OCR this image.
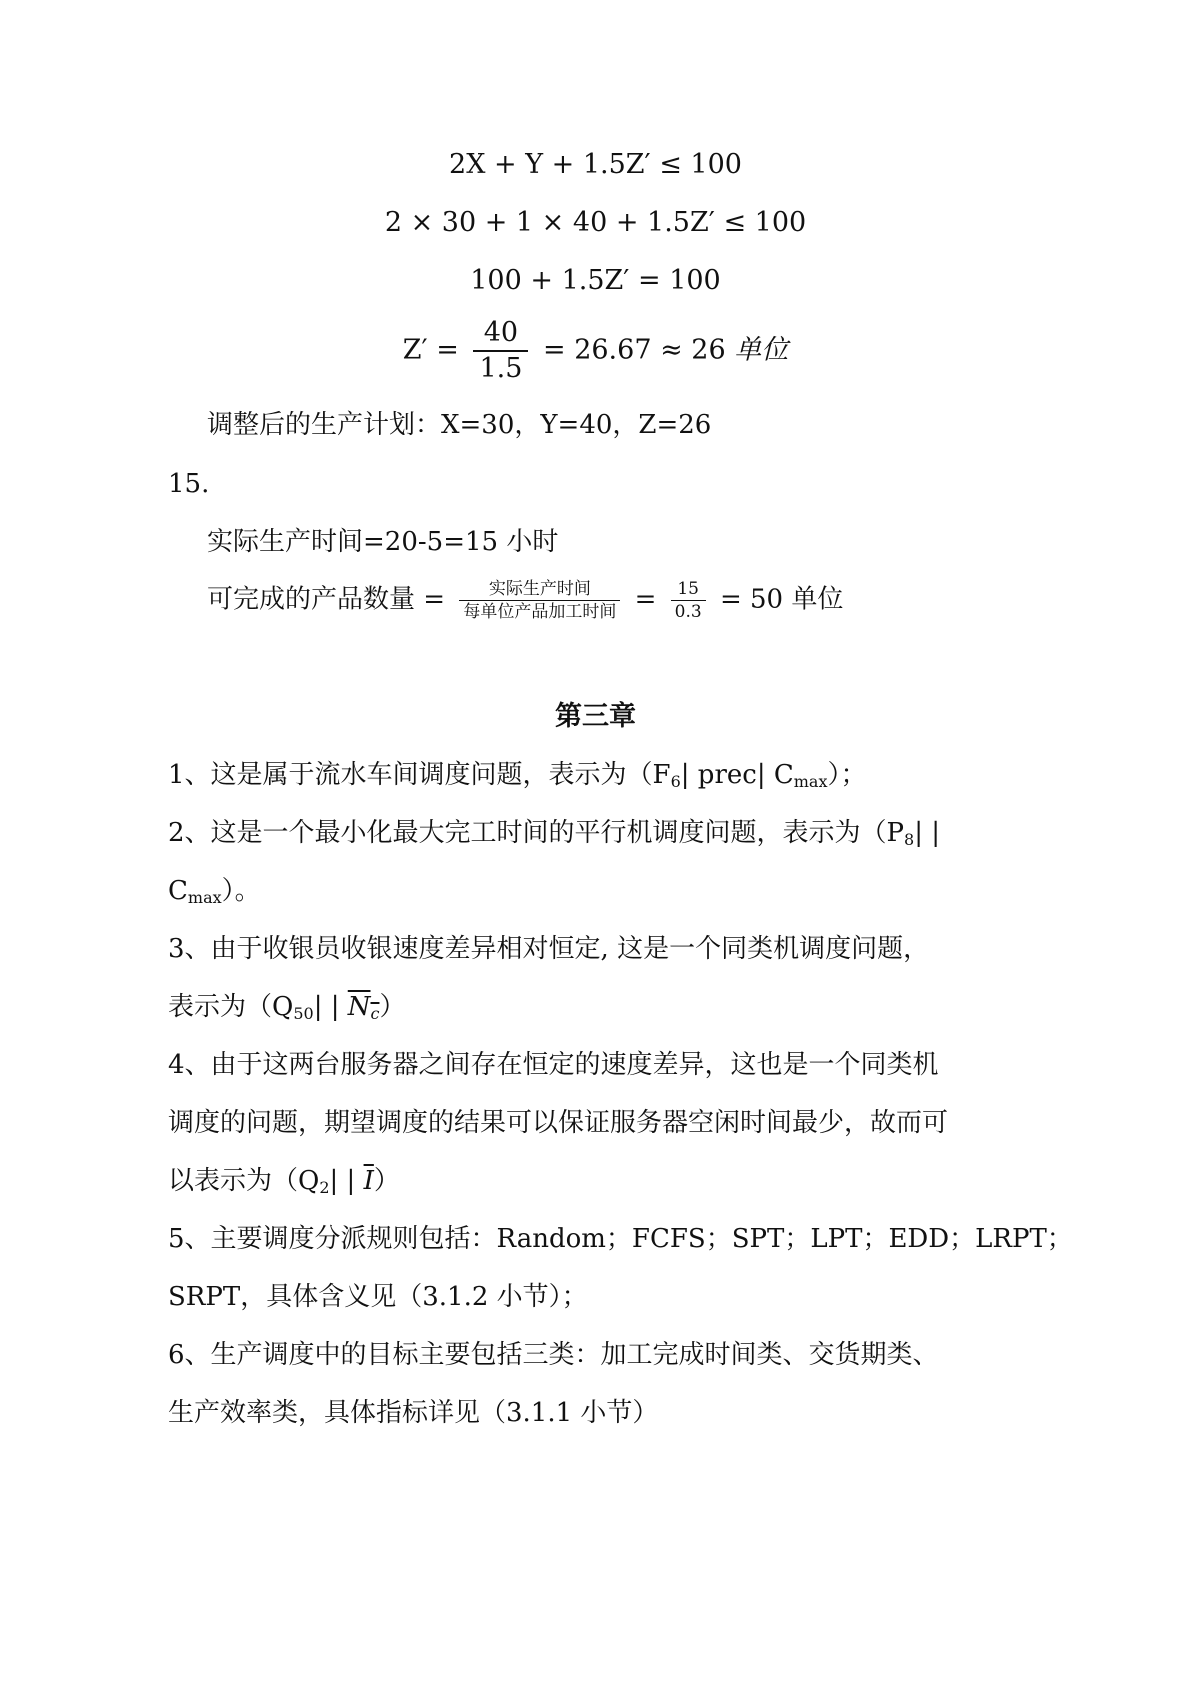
2X + Y + 1.5Z′ ≤ 100
2 × 30 + 1 × 40 + 1.5Z′ ≤ 100
100 + 1.5Z′ = 100
$Z' = \frac{40}{1.5} = 26.67 \approx 26$ 单位
调整后的生产计划：X=30，Y=40，Z=26
15.
实际生产时间=20-5=15 小时
可完成的产品数量 = $\frac{\text{实际生产时间}}{\text{每单位产品加工时间}} = \frac{15}{0.3} = 50$ 单位
第三章
1、这是属于流水车间调度问题，表示为（$F_6|$ prec| $C_{max}$）；
2、这是一个最小化最大完工时间的平行机调度问题，表示为（$P_8|$ |
$C_{max}$）。
3、由于收银员收银速度差异相对恒定, 这是一个同类机调度问题，
表示为（$Q_{50}|$ | $N_c$）
4、由于这两台服务器之间存在恒定的速度差异，这也是一个同类机
调度的问题，期望调度的结果可以保证服务器空闲时间最少，故而可
以表示为（$Q_2|$ | $\overline{I}$）
5、主要调度分派规则包括：Random；FCFS；SPT；LPT；EDD；LRPT；
SRPT，具体含义见（3.1.2 小节）；
6、生产调度中的目标主要包括三类：加工完成时间类、交货期类、
生产效率类，具体指标详见（3.1.1 小节）
